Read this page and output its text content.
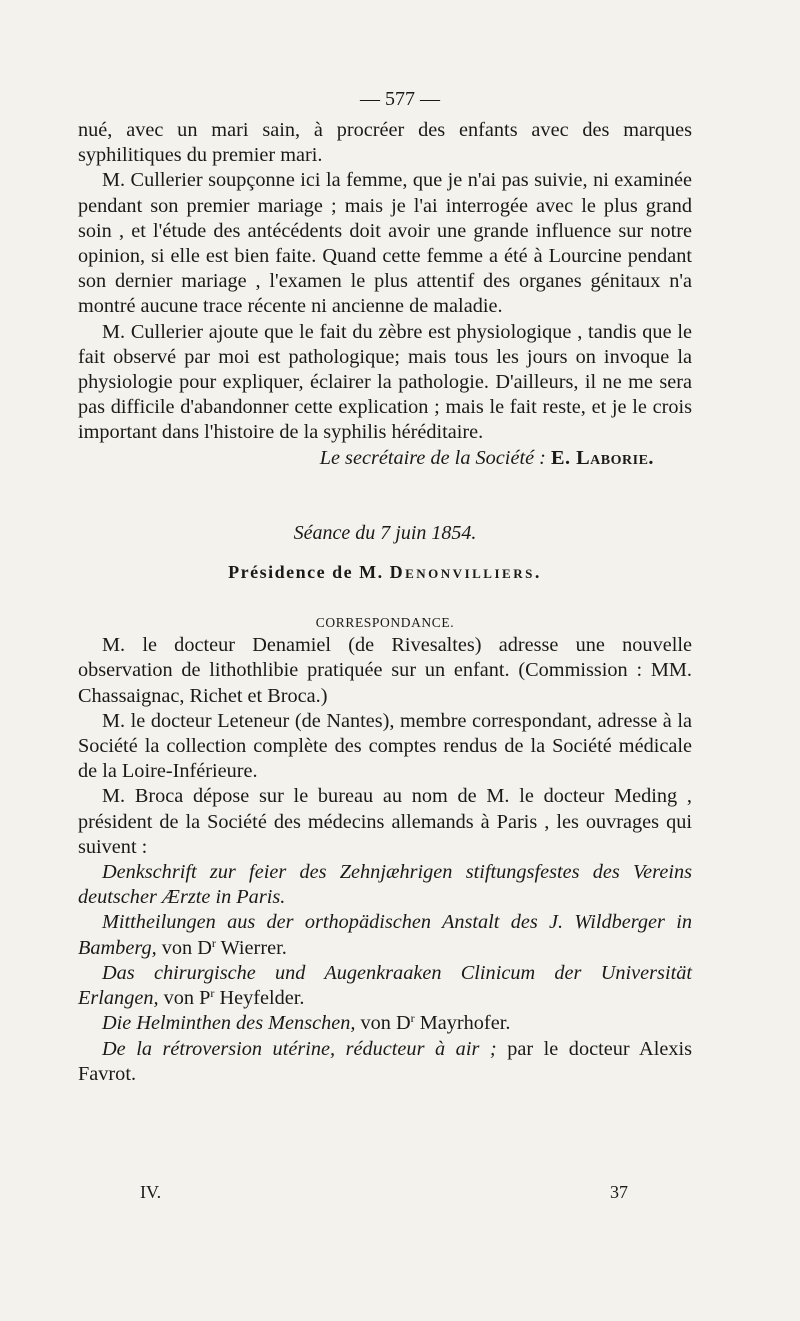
— 577 —

nué, avec un mari sain, à procréer des enfants avec des marques syphilitiques du premier mari.

M. Cullerier soupçonne ici la femme, que je n'ai pas suivie, ni examinée pendant son premier mariage ; mais je l'ai interrogée avec le plus grand soin , et l'étude des antécédents doit avoir une grande influence sur notre opinion, si elle est bien faite. Quand cette femme a été à Lourcine pendant son dernier mariage , l'examen le plus attentif des organes génitaux n'a montré aucune trace récente ni ancienne de maladie.

M. Cullerier ajoute que le fait du zèbre est physiologique , tandis que le fait observé par moi est pathologique; mais tous les jours on invoque la physiologie pour expliquer, éclairer la pathologie. D'ailleurs, il ne me sera pas difficile d'abandonner cette explication ; mais le fait reste, et je le crois important dans l'histoire de la syphilis héréditaire.

Le secrétaire de la Société : E. Laborie.

Séance du 7 juin 1854.

Présidence de M. Denonvilliers.

CORRESPONDANCE.

M. le docteur Denamiel (de Rivesaltes) adresse une nouvelle observation de lithothlibie pratiquée sur un enfant. (Commission : MM. Chassaignac, Richet et Broca.)

M. le docteur Leteneur (de Nantes), membre correspondant, adresse à la Société la collection complète des comptes rendus de la Société médicale de la Loire-Inférieure.

M. Broca dépose sur le bureau au nom de M. le docteur Meding , président de la Société des médecins allemands à Paris , les ouvrages qui suivent :

Denkschrift zur feier des Zehnjæhrigen stiftungsfestes des Vereins deutscher Ærzte in Paris.

Mittheilungen aus der orthopädischen Anstalt des J. Wildberger in Bamberg, von $D^r$ Wierrer.

Das chirurgische und Augenkraaken Clinicum der Universität Erlangen, von $P^r$ Heyfelder.

Die Helminthen des Menschen, von $D^r$ Mayrhofer.

De la rétroversion utérine, réducteur à air ; par le docteur Alexis Favrot.

IV.	37
